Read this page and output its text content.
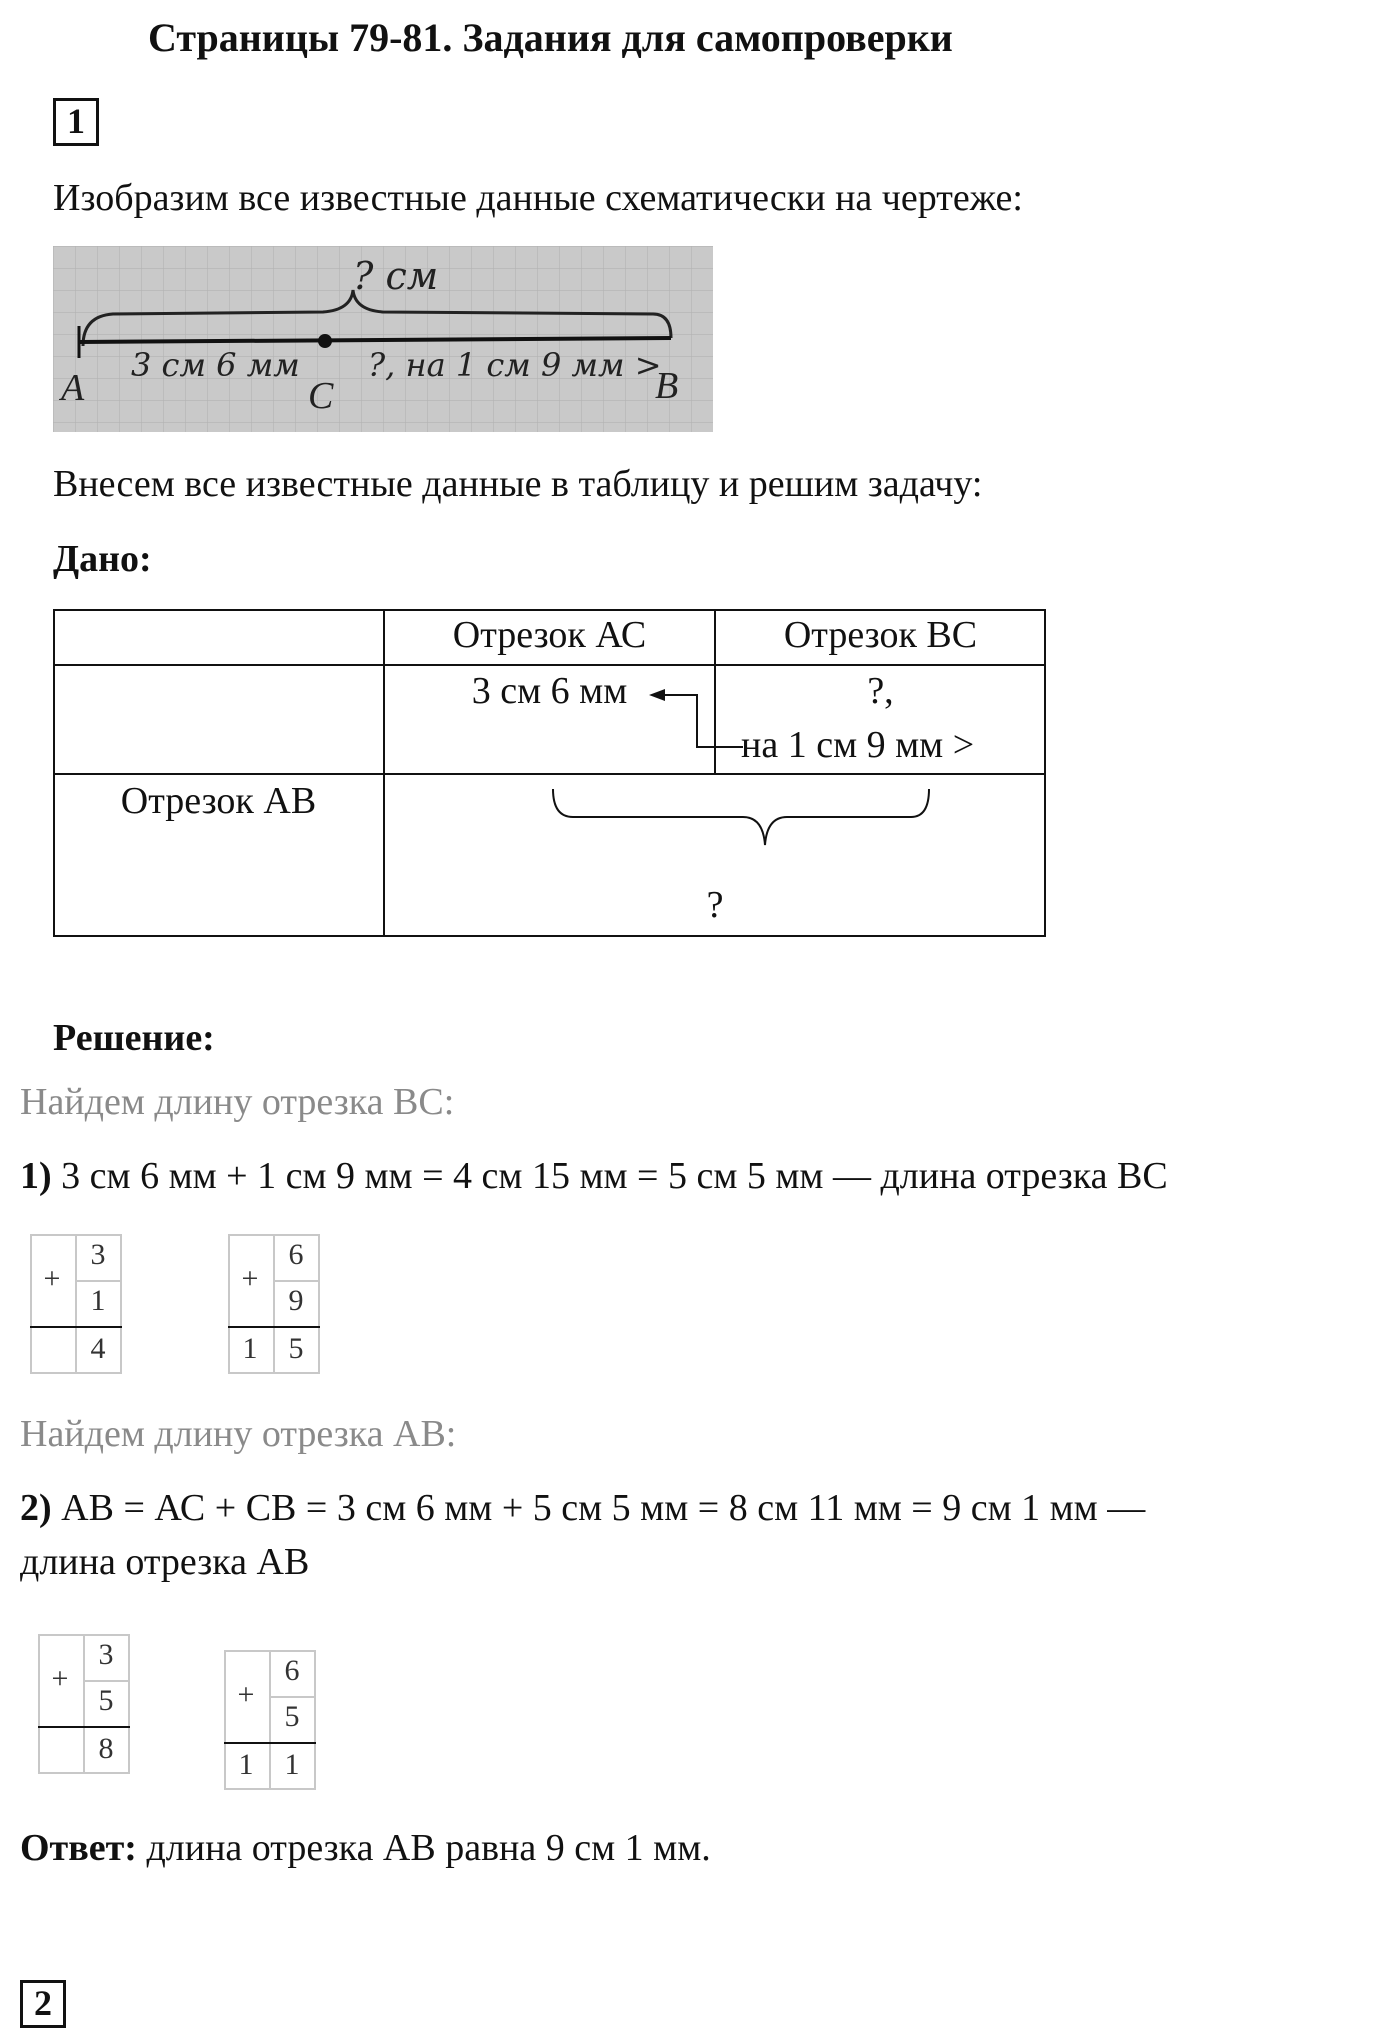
Страницы 79-81. Задания для самопроверки
1
Изобразим все известные данные схематически на чертеже:
? см
3 см 6 мм ?, на 1 см 9 мм >
A	C	B
Внесем все известные данные в таблицу и решим задачу:
Дано:
Отрезок АС	Отрезок ВС
3 см 6 мм	?,
на 1 см 9 мм >
Отрезок АВ
?
Решение:
Найдем длину отрезка ВС:
1) 3 см 6 мм + 1 см 9 мм = 4 см 15 мм = 5 см 5 мм — длина отрезка ВС
+
3
1
4
+
6
9
1	5
Найдем длину отрезка АВ:
2) АВ = АС + СВ = 3 см 6 мм + 5 см 5 мм = 8 см 11 мм = 9 см 1 мм —
длина отрезка АВ
+
3
5
8
+
6
5
1	1
Ответ: длина отрезка АВ равна 9 см 1 мм.
2
